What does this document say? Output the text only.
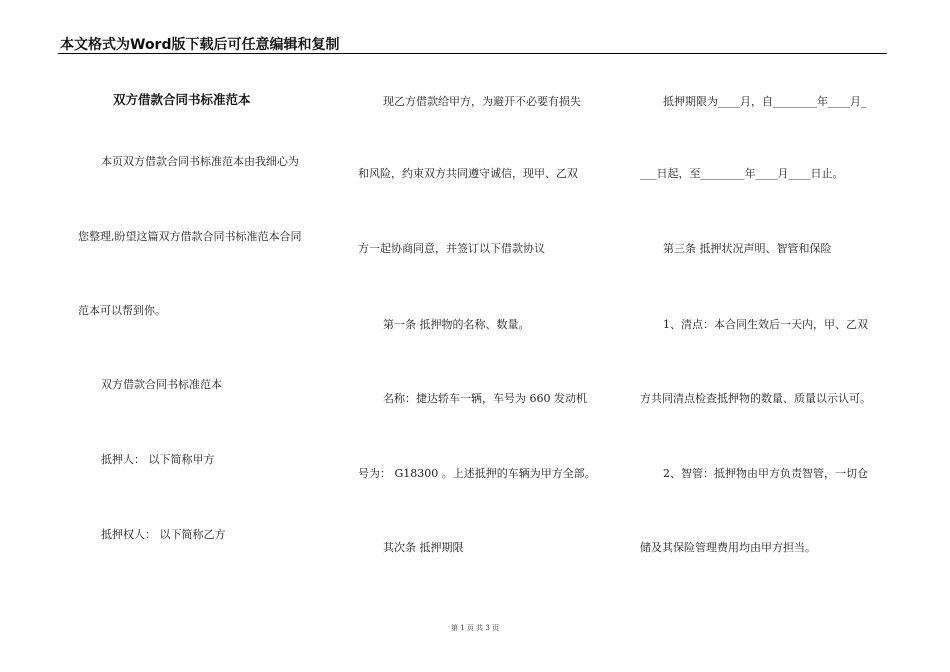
本文格式为Word版下载后可任意编辑和复制
双方借款合同书标准范本
本页双方借款合同书标准范本由我细心为
您整理,盼望这篇双方借款合同书标准范本合同
范本可以帮到你。
双方借款合同书标准范本
抵押人： 以下简称甲方
抵押权人： 以下简称乙方
现乙方借款给甲方，为避开不必要有损失
和风险，约束双方共同遵守诚信，现甲、乙双
方一起协商同意，并签订以下借款协议
第一条 抵押物的名称、数量。
名称：捷达轿车一辆，车号为 660 发动机
号为： G18300 。上述抵押的车辆为甲方全部。
其次条 抵押期限
抵押期限为____月，自________年____月_
___日起，至________年____月____日止。
第三条 抵押状况声明、智管和保险
1、清点：本合同生效后一天内，甲、乙双
方共同清点检查抵押物的数量、质量以示认可。
2、智管：抵押物由甲方负责智管，一切仓
储及其保险管理费用均由甲方担当。
第 1 页 共 3 页
